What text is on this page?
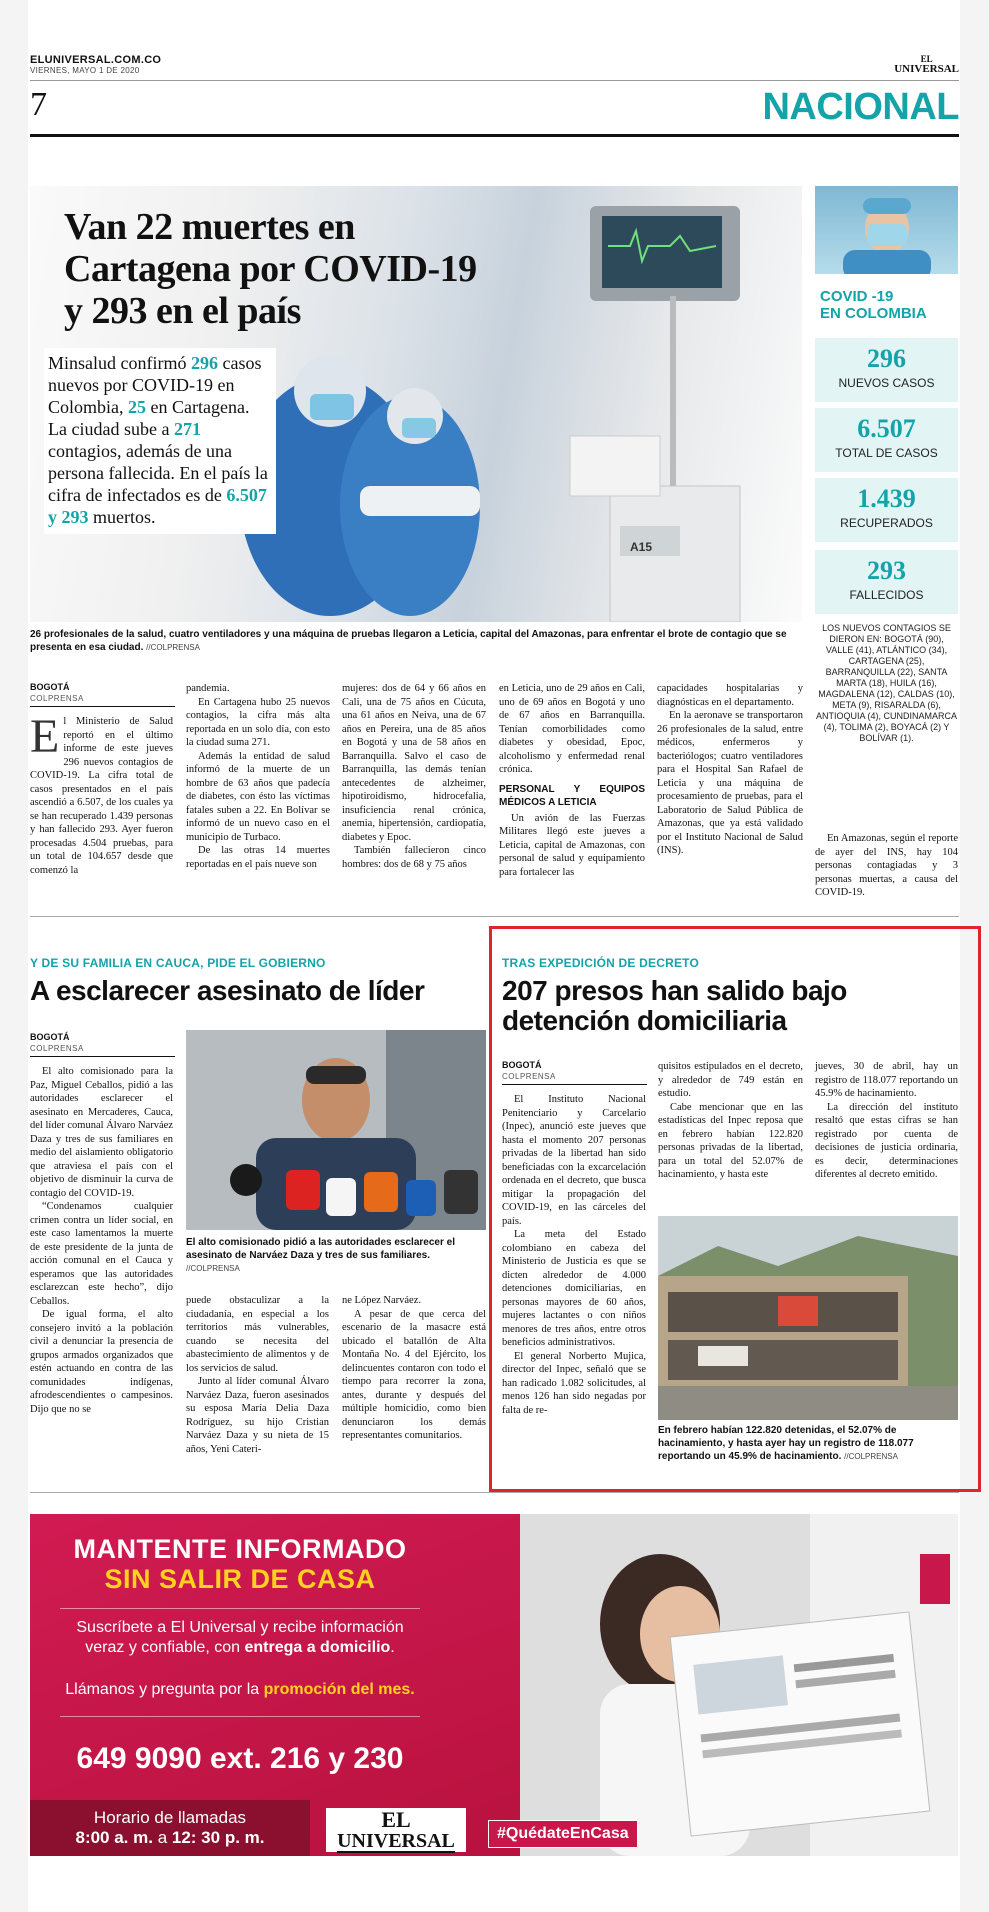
ELUNIVERSAL.COM.CO
VIERNES, MAYO 1 DE 2020
EL
UNIVERSAL
7	NACIONAL
A15
Van 22 muertes en Cartagena por COVID-19 y 293 en el país
Minsalud confirmó 296 casos nuevos por COVID-19 en Colombia, 25 en Cartagena. La ciudad sube a 271 contagios, además de una persona fallecida. En el país la cifra de infectados es de 6.507 y 293 muertos.
26 profesionales de la salud, cuatro ventiladores y una máquina de pruebas llegaron a Leticia, capital del Amazonas, para enfrentar el brote de contagio que se presenta en esa ciudad. //COLPRENSA
COVID -19
EN COLOMBIA
296
NUEVOS CASOS
6.507
TOTAL DE CASOS
1.439
RECUPERADOS
293
FALLECIDOS
LOS NUEVOS CONTAGIOS SE DIERON EN: BOGOTÁ (90), VALLE (41), ATLÁNTICO (34), CARTAGENA (25), BARRANQUILLA (22), SANTA MARTA (18), HUILA (16), MAGDALENA (12), CALDAS (10), META (9), RISARALDA (6), ANTIOQUIA (4), CUNDINAMARCA (4), TOLIMA (2), BOYACÁ (2) Y BOLÍVAR (1).
BOGOTÁ
COLPRENSA
E l Ministerio de Salud reportó en el último informe de este jueves 296 nuevos contagios de COVID-19. La cifra total de casos presentados en el país ascendió a 6.507, de los cuales ya se han recuperado 1.439 personas y han fallecido 293. Ayer fueron procesadas 4.504 pruebas, para un total de 104.657 desde que comenzó la

pandemia.

En Cartagena hubo 25 nuevos contagios, la cifra más alta reportada en un solo día, con esto la ciudad suma 271.

Además la entidad de salud informó de la muerte de un hombre de 63 años que padecía de diabetes, con ésto las víctimas fatales suben a 22. En Bolívar se informó de un nuevo caso en el municipio de Turbaco.

De las otras 14 muertes reportadas en el país nueve son

mujeres: dos de 64 y 66 años en Cali, una de 75 años en Cúcuta, una 61 años en Neiva, una de 67 años en Pereira, una de 85 años en Bogotá y una de 58 años en Barranquilla. Salvo el caso de Barranquilla, las demás tenían antecedentes de alzheimer, hipotiroidismo, hidrocefalia, insuficiencia renal crónica, anemia, hipertensión, cardiopatía, diabetes y Epoc.

También fallecieron cinco hombres: dos de 68 y 75 años

en Leticia, uno de 29 años en Cali, uno de 69 años en Bogotá y uno de 67 años en Barranquilla. Tenían comorbilidades como diabetes y obesidad, Epoc, alcoholismo y enfermedad renal crónica.

PERSONAL Y EQUIPOS MÉDICOS A LETICIA

Un avión de las Fuerzas Militares llegó este jueves a Leticia, capital de Amazonas, con personal de salud y equipamiento para fortalecer las

capacidades hospitalarias y diagnósticas en el departamento.

En la aeronave se transportaron 26 profesionales de la salud, entre médicos, enfermeros y bacteriólogos; cuatro ventiladores para el Hospital San Rafael de Leticia y una máquina de procesamiento de pruebas, para el Laboratorio de Salud Pública de Amazonas, que ya está validado por el Instituto Nacional de Salud (INS).

En Amazonas, según el reporte de ayer del INS, hay 104 personas contagiadas y 3 personas muertas, a causa del COVID-19.

Y DE SU FAMILIA EN CAUCA, PIDE EL GOBIERNO
A esclarecer asesinato de líder
BOGOTÁ
COLPRENSA

El alto comisionado para la Paz, Miguel Ceballos, pidió a las autoridades esclarecer el asesinato en Mercaderes, Cauca, del líder comunal Álvaro Narváez Daza y tres de sus familiares en medio del aislamiento obligatorio que atraviesa el país con el objetivo de disminuir la curva de contagio del COVID-19.

“Condenamos cualquier crimen contra un líder social, en este caso lamentamos la muerte de este presidente de la junta de acción comunal en el Cauca y esperamos que las autoridades esclarezcan este hecho”, dijo Ceballos.

De igual forma, el alto consejero invitó a la población civil a denunciar la presencia de grupos armados organizados que estén actuando en contra de las comunidades indígenas, afrodescendientes o campesinos. Dijo que no se

El alto comisionado pidió a las autoridades esclarecer el asesinato de Narváez Daza y tres de sus familiares. //COLPRENSA

puede obstaculizar a la ciudadanía, en especial a los territorios más vulnerables, cuando se necesita del abastecimiento de alimentos y de los servicios de salud.

Junto al líder comunal Álvaro Narváez Daza, fueron asesinados su esposa María Delia Daza Rodríguez, su hijo Cristian Narváez Daza y su nieta de 15 años, Yeni Cateri-

ne López Narváez.

A pesar de que cerca del escenario de la masacre está ubicado el batallón de Alta Montaña No. 4 del Ejército, los delincuentes contaron con todo el tiempo para recorrer la zona, antes, durante y después del múltiple homicidio, como bien denunciaron los demás representantes comunitarios.

TRAS EXPEDICIÓN DE DECRETO
207 presos han salido bajo detención domiciliaria
BOGOTÁ
COLPRENSA

El Instituto Nacional Penitenciario y Carcelario (Inpec), anunció este jueves que hasta el momento 207 personas privadas de la libertad han sido beneficiadas con la excarcelación ordenada en el decreto, que busca mitigar la propagación del COVID-19, en las cárceles del país.

La meta del Estado colombiano en cabeza del Ministerio de Justicia es que se dicten alrededor de 4.000 detenciones domiciliarias, en personas mayores de 60 años, mujeres lactantes o con niños menores de tres años, entre otros beneficios administrativos.

El general Norberto Mujica, director del Inpec, señaló que se han radicado 1.082 solicitudes, al menos 126 han sido negadas por falta de re-

quisitos estipulados en el decreto, y alrededor de 749 están en estudio.

Cabe mencionar que en las estadísticas del Inpec reposa que en febrero habían 122.820 personas privadas de la libertad, para un total del 52.07% de hacinamiento, y hasta este

jueves, 30 de abril, hay un registro de 118.077 reportando un 45.9% de hacinamiento.

La dirección del instituto resaltó que estas cifras se han registrado por cuenta de decisiones de justicia ordinaria, es decir, determinaciones diferentes al decreto emitido.

En febrero habían 122.820 detenidas, el 52.07% de hacinamiento, y hasta ayer hay un registro de 118.077 reportando un 45.9% de hacinamiento. //COLPRENSA
MANTENTE INFORMADO
SIN SALIR DE CASA
Suscríbete a El Universal y recibe información veraz y confiable, con entrega a domicilio.
Llámanos y pregunta por la promoción del mes.
649 9090 ext. 216 y 230
Horario de llamadas
8:00 a. m. a 12: 30 p. m.
EL
UNIVERSAL	#QuédateEnCasa
